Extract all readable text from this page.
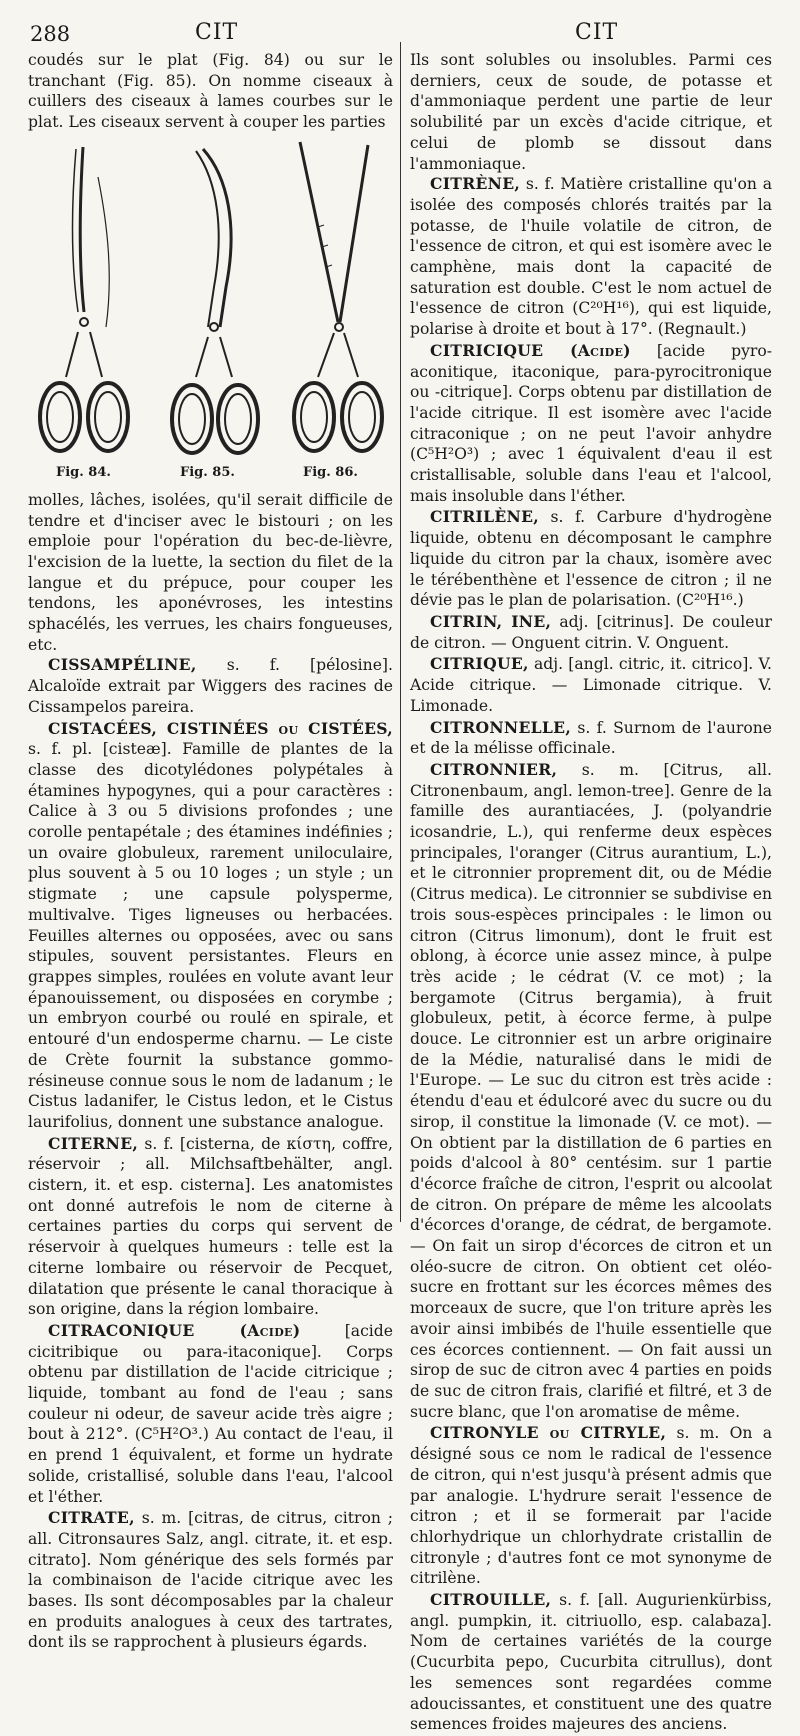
288	CIT	CIT

coudés sur le plat (Fig. 84) ou sur le tranchant (Fig. 85). On nomme ciseaux à cuillers des ciseaux à lames courbes sur le plat. Les ciseaux servent à couper les parties

Fig. 84.	Fig. 85.	Fig. 86.

molles, lâches, isolées, qu'il serait difficile de tendre et d'inciser avec le bistouri ; on les emploie pour l'opération du bec-de-lièvre, l'excision de la luette, la section du filet de la langue et du prépuce, pour couper les tendons, les aponévroses, les intestins sphacélés, les verrues, les chairs fongueuses, etc.

CISSAMPÉLINE, s. f. [pélosine]. Alcaloïde extrait par Wiggers des racines de Cissampelos pareira.

CISTACÉES, CISTINÉES ou CISTÉES, s. f. pl. [cisteæ]. Famille de plantes de la classe des dicotylédones polypétales à étamines hypogynes, qui a pour caractères : Calice à 3 ou 5 divisions profondes ; une corolle pentapétale ; des étamines indéfinies ; un ovaire globuleux, rarement uniloculaire, plus souvent à 5 ou 10 loges ; un style ; un stigmate ; une capsule polysperme, multivalve. Tiges ligneuses ou herbacées. Feuilles alternes ou opposées, avec ou sans stipules, souvent persistantes. Fleurs en grappes simples, roulées en volute avant leur épanouissement, ou disposées en corymbe ; un embryon courbé ou roulé en spirale, et entouré d'un endosperme charnu. — Le ciste de Crète fournit la substance gommo-résineuse connue sous le nom de ladanum ; le Cistus ladanifer, le Cistus ledon, et le Cistus laurifolius, donnent une substance analogue.

CITERNE, s. f. [cisterna, de κίστη, coffre, réservoir ; all. Milchsaftbehälter, angl. cistern, it. et esp. cisterna]. Les anatomistes ont donné autrefois le nom de citerne à certaines parties du corps qui servent de réservoir à quelques humeurs : telle est la citerne lombaire ou réservoir de Pecquet, dilatation que présente le canal thoracique à son origine, dans la région lombaire.

CITRACONIQUE (Acide)	[acide cicitribique ou para-itaconique]. Corps obtenu par distillation de l'acide citricique ; liquide, tombant au fond de l'eau ; sans couleur ni odeur, de saveur acide très aigre ; bout à 212°. (C⁵H²O³.) Au contact de l'eau, il en prend 1 équivalent, et forme un hydrate solide, cristallisé, soluble dans l'eau, l'alcool et l'éther.

CITRATE, s. m. [citras, de citrus, citron ; all. Citronsaures Salz, angl. citrate, it. et esp. citrato]. Nom générique des sels formés par la combinaison de l'acide citrique avec les bases. Ils sont décomposables par la chaleur en produits analogues à ceux des tartrates, dont ils se rapprochent à plusieurs égards.

Ils sont solubles ou insolubles. Parmi ces derniers, ceux de soude, de potasse et d'ammoniaque perdent une partie de leur solubilité par un excès d'acide citrique, et celui de plomb se dissout dans l'ammoniaque.

CITRÈNE, s. f. Matière cristalline qu'on a isolée des composés chlorés traités par la potasse, de l'huile volatile de citron, de l'essence de citron, et qui est isomère avec le camphène, mais dont la capacité de saturation est double. C'est le nom actuel de l'essence de citron (C²⁰H¹⁶), qui est liquide, polarise à droite et bout à 17°. (Regnault.)

CITRICIQUE (Acide) [acide pyro-aconitique, itaconique, para-pyrocitronique ou -citrique]. Corps obtenu par distillation de l'acide citrique. Il est isomère avec l'acide citraconique ; on ne peut l'avoir anhydre (C⁵H²O³) ; avec 1 équivalent d'eau il est cristallisable, soluble dans l'eau et l'alcool, mais insoluble dans l'éther.

CITRILÈNE, s. f. Carbure d'hydrogène liquide, obtenu en décomposant le camphre liquide du citron par la chaux, isomère avec le térébenthène et l'essence de citron ; il ne dévie pas le plan de polarisation. (C²⁰H¹⁶.)

CITRIN, INE, adj. [citrinus]. De couleur de citron. — Onguent citrin. V. Onguent.

CITRIQUE, adj. [angl. citric, it. citrico]. V. Acide citrique. — Limonade citrique. V. Limonade.

CITRONNELLE, s. f. Surnom de l'aurone et de la mélisse officinale.

CITRONNIER, s. m. [Citrus, all. Citronenbaum, angl. lemon-tree]. Genre de la famille des aurantiacées, J. (polyandrie icosandrie, L.), qui renferme deux espèces principales, l'oranger (Citrus aurantium, L.), et le citronnier proprement dit, ou de Médie (Citrus medica). Le citronnier se subdivise en trois sous-espèces principales : le limon ou citron (Citrus limonum), dont le fruit est oblong, à écorce unie assez mince, à pulpe très acide ; le cédrat (V. ce mot) ; la bergamote (Citrus bergamia), à fruit globuleux, petit, à écorce ferme, à pulpe douce. Le citronnier est un arbre originaire de la Médie, naturalisé dans le midi de l'Europe. — Le suc du citron est très acide : étendu d'eau et édulcoré avec du sucre ou du sirop, il constitue la limonade (V. ce mot). — On obtient par la distillation de 6 parties en poids d'alcool à 80° centésim. sur 1 partie d'écorce fraîche de citron, l'esprit ou alcoolat de citron. On prépare de même les alcoolats d'écorces d'orange, de cédrat, de bergamote. — On fait un sirop d'écorces de citron et un oléo-sucre de citron. On obtient cet oléo-sucre en frottant sur les écorces mêmes des morceaux de sucre, que l'on triture après les avoir ainsi imbibés de l'huile essentielle que ces écorces contiennent. — On fait aussi un sirop de suc de citron avec 4 parties en poids de suc de citron frais, clarifié et filtré, et 3 de sucre blanc, que l'on aromatise de même.

CITRONYLE ou CITRYLE, s. m. On a désigné sous ce nom le radical de l'essence de citron, qui n'est jusqu'à présent admis que par analogie. L'hydrure serait l'essence de citron ; et il se formerait par l'acide chlorhydrique un chlorhydrate cristallin de citronyle ; d'autres font ce mot synonyme de citrilène.

CITROUILLE, s. f. [all. Augurienkürbiss, angl. pumpkin, it. citriuollo, esp. calabaza]. Nom de certaines variétés de la courge (Cucurbita pepo, Cucurbita citrullus), dont les semences sont regardées comme adoucissantes, et constituent une des quatre semences froides majeures des anciens.
